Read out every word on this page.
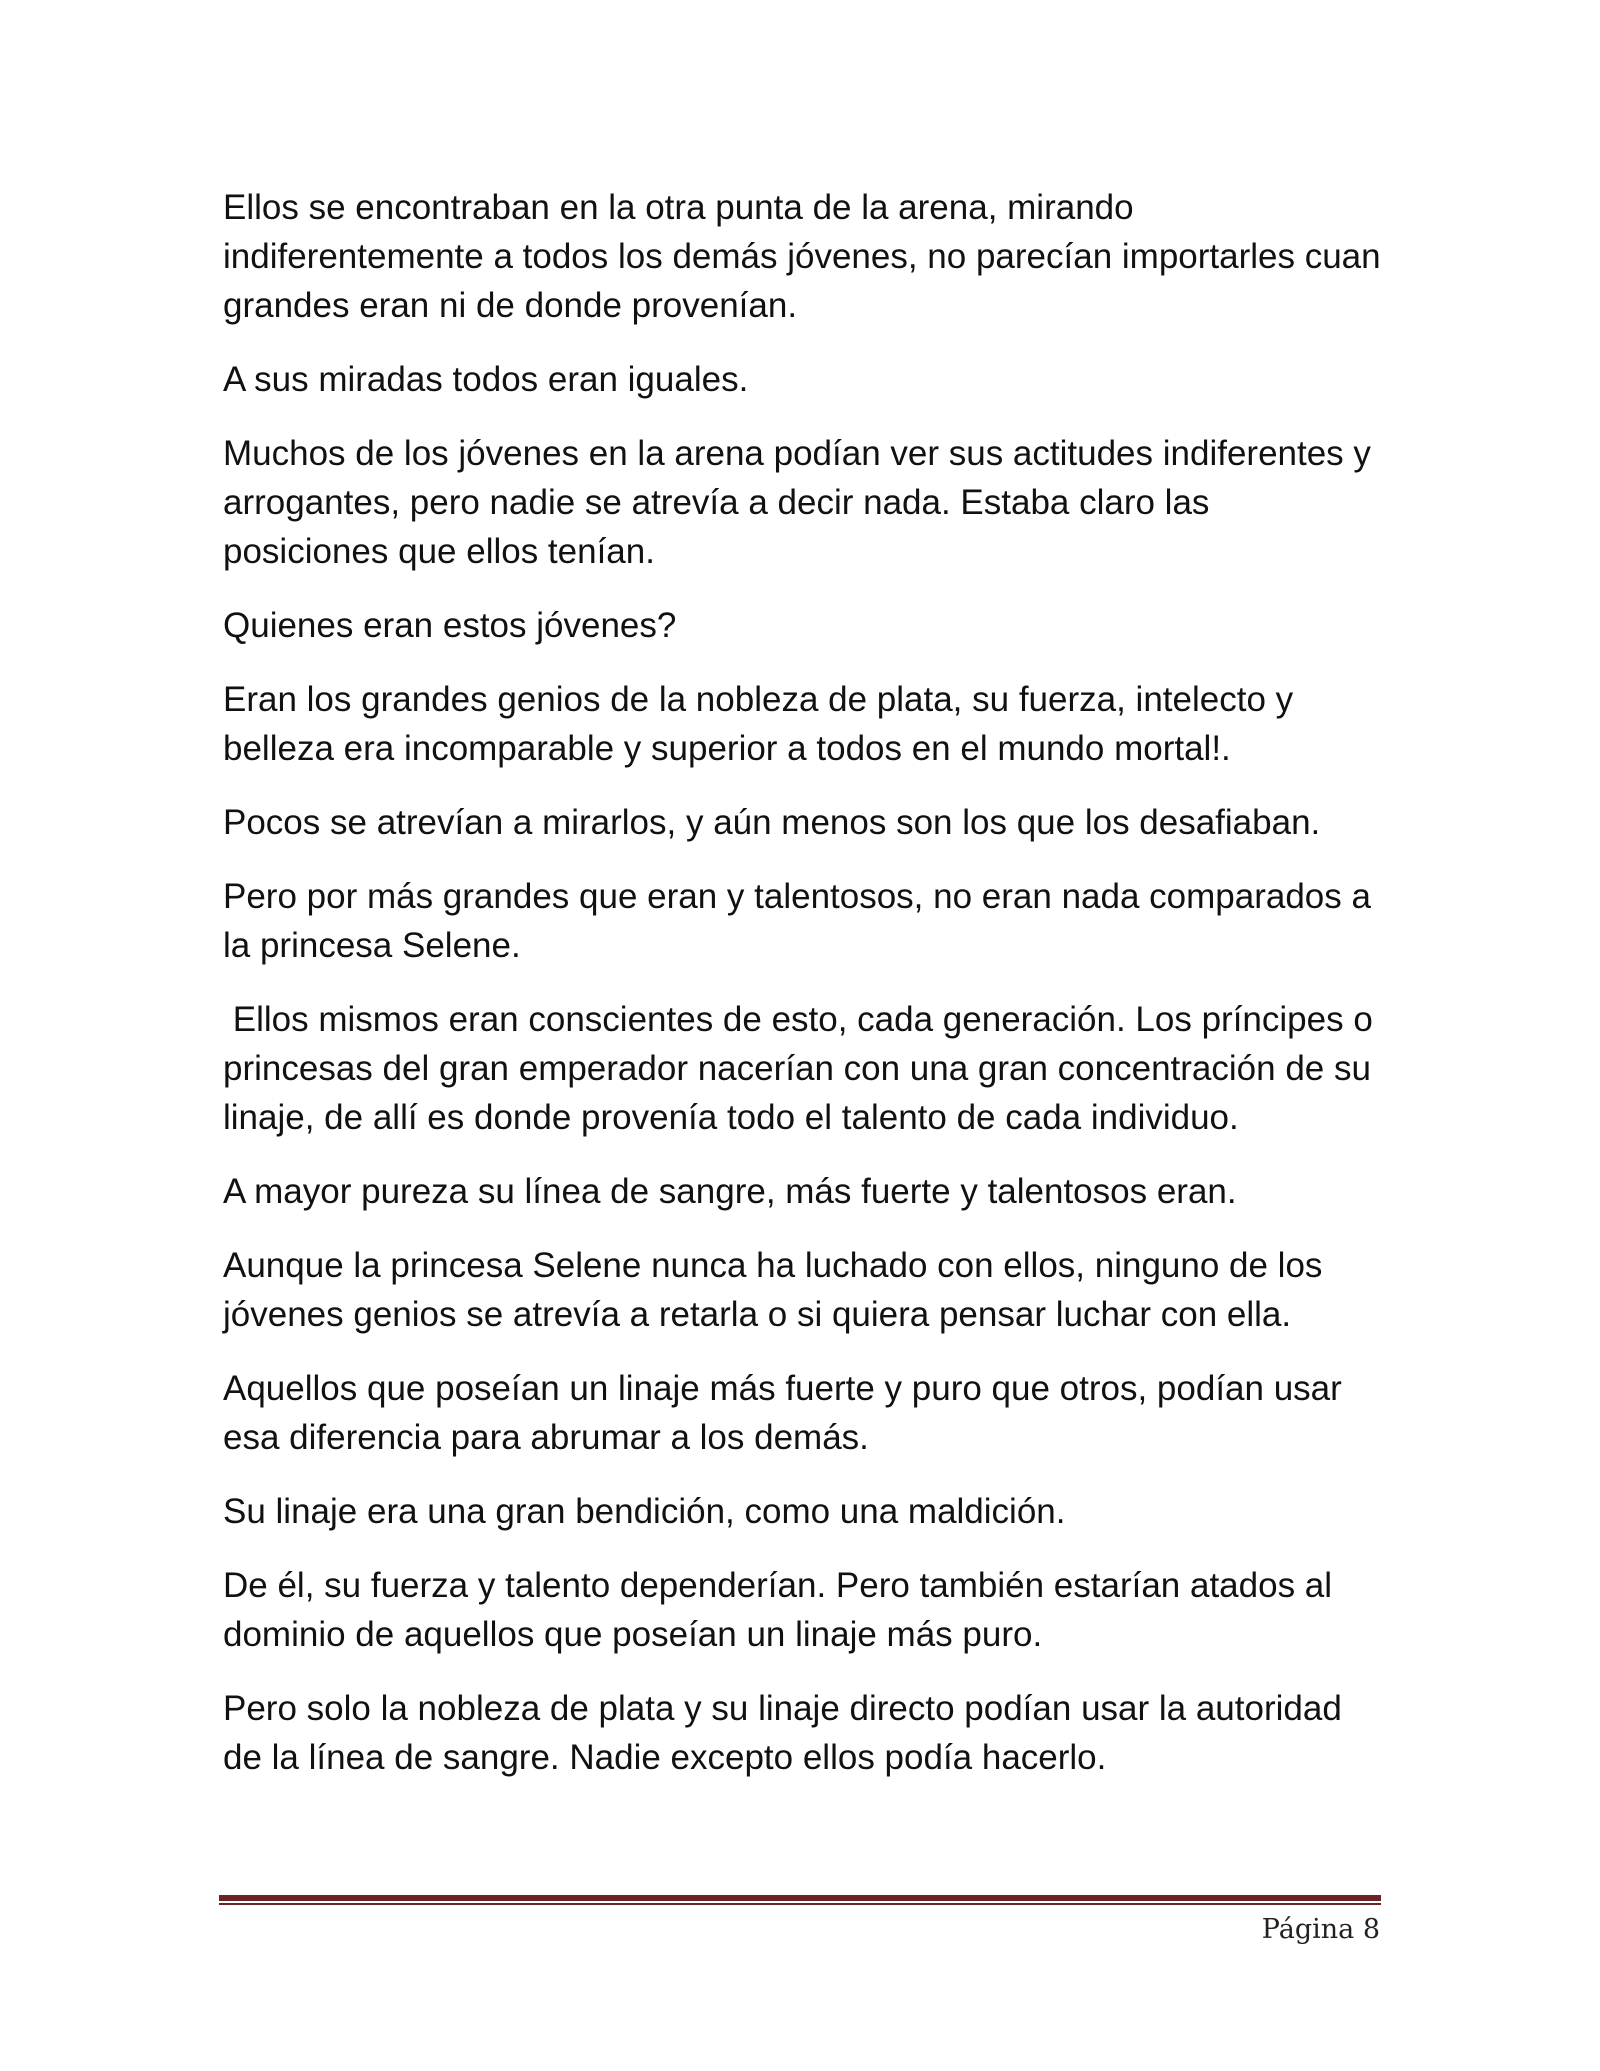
Ellos se encontraban en la otra punta de la arena, mirando indiferentemente a todos los demás jóvenes, no parecían importarles cuan grandes eran ni de donde provenían.

A sus miradas todos eran iguales.

Muchos de los jóvenes en la arena podían ver sus actitudes indiferentes y arrogantes, pero nadie se atrevía a decir nada. Estaba claro las posiciones que ellos tenían.

Quienes eran estos jóvenes?

Eran los grandes genios de la nobleza de plata, su fuerza, intelecto y belleza era incomparable y superior a todos en el mundo mortal!.

Pocos se atrevían a mirarlos, y aún menos son los que los desafiaban.

Pero por más grandes que eran y talentosos, no eran nada comparados a la princesa Selene.

Ellos mismos eran conscientes de esto, cada generación. Los príncipes o princesas del gran emperador nacerían con una gran concentración de su linaje, de allí es donde provenía todo el talento de cada individuo.

A mayor pureza su línea de sangre, más fuerte y talentosos eran.

Aunque la princesa Selene nunca ha luchado con ellos, ninguno de los jóvenes genios se atrevía a retarla o si quiera pensar luchar con ella.

Aquellos que poseían un linaje más fuerte y puro que otros, podían usar esa diferencia para abrumar a los demás.

Su linaje era una gran bendición, como una maldición.

De él, su fuerza y talento dependerían. Pero también estarían atados al dominio de aquellos que poseían un linaje más puro.

Pero solo la nobleza de plata y su linaje directo podían usar la autoridad de la línea de sangre. Nadie excepto ellos podía hacerlo.

Página 8
